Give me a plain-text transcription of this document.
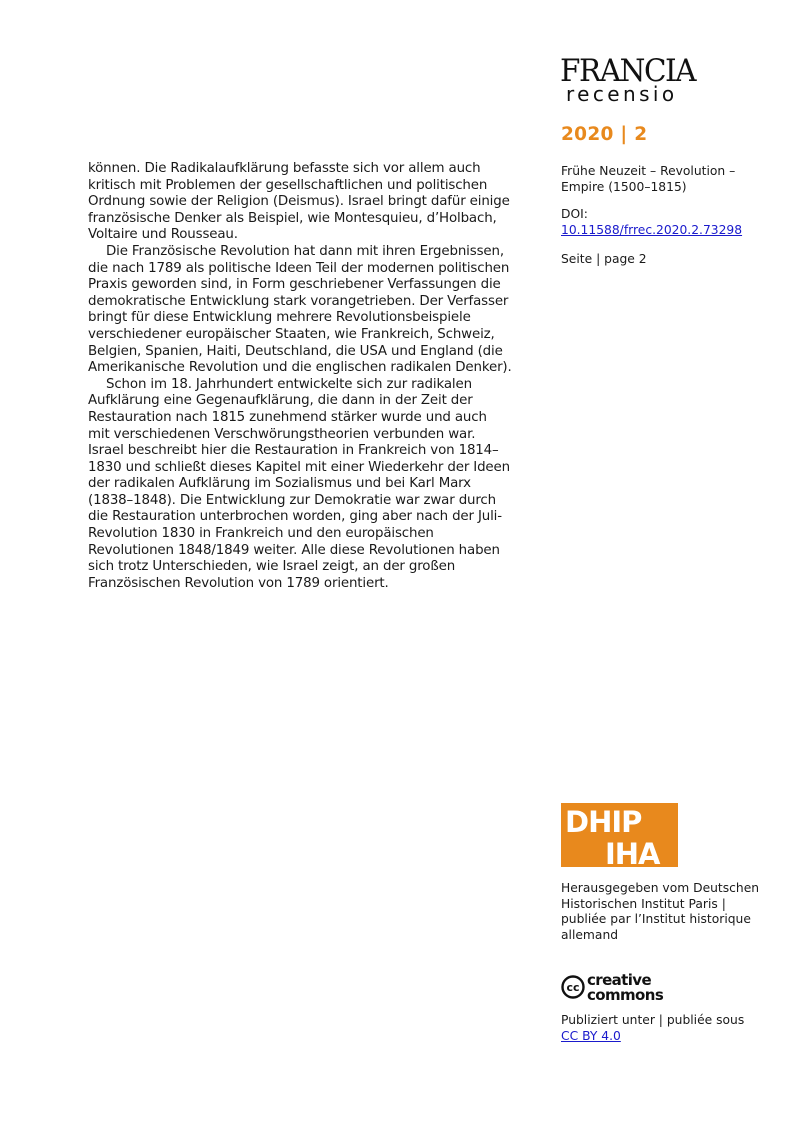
FRANCIA
recensio
2020 | 2
Frühe Neuzeit – Revolution – Empire (1500–1815)
DOI:
10.11588/frrec.2020.2.73298
Seite | page 2

können. Die Radikalaufklärung befasste sich vor allem auch kritisch mit Problemen der gesellschaftlichen und politischen Ordnung sowie der Religion (Deismus). Israel bringt dafür einige französische Denker als Beispiel, wie Montesquieu, d’Holbach, Voltaire und Rousseau.

Die Französische Revolution hat dann mit ihren Ergebnissen, die nach 1789 als politische Ideen Teil der modernen politischen Praxis geworden sind, in Form geschriebener Verfassungen die demokratische Entwicklung stark vorangetrieben. Der Verfasser bringt für diese Entwicklung mehrere Revolutionsbeispiele verschiedener europäischer Staaten, wie Frankreich, Schweiz, Belgien, Spanien, Haiti, Deutschland, die USA und England (die Amerikanische Revolution und die englischen radikalen Denker).

Schon im 18. Jahrhundert entwickelte sich zur radikalen Aufklärung eine Gegenaufklärung, die dann in der Zeit der Restauration nach 1815 zunehmend stärker wurde und auch mit verschiedenen Verschwörungstheorien verbunden war. Israel beschreibt hier die Restauration in Frankreich von 1814–1830 und schließt dieses Kapitel mit einer Wiederkehr der Ideen der radikalen Aufklärung im Sozialismus und bei Karl Marx (1838–1848). Die Entwicklung zur Demokratie war zwar durch die Restauration unterbrochen worden, ging aber nach der Juli-Revolution 1830 in Frankreich und den europäischen Revolutionen 1848/1849 weiter. Alle diese Revolutionen haben sich trotz Unterschieden, wie Israel zeigt, an der großen Französischen Revolution von 1789 orientiert.

DHIP
IHA
Herausgegeben vom Deutschen Historischen Institut Paris | publiée par l’Institut historique allemand
cc creative
commons
Publiziert unter | publiée sous
CC BY 4.0
